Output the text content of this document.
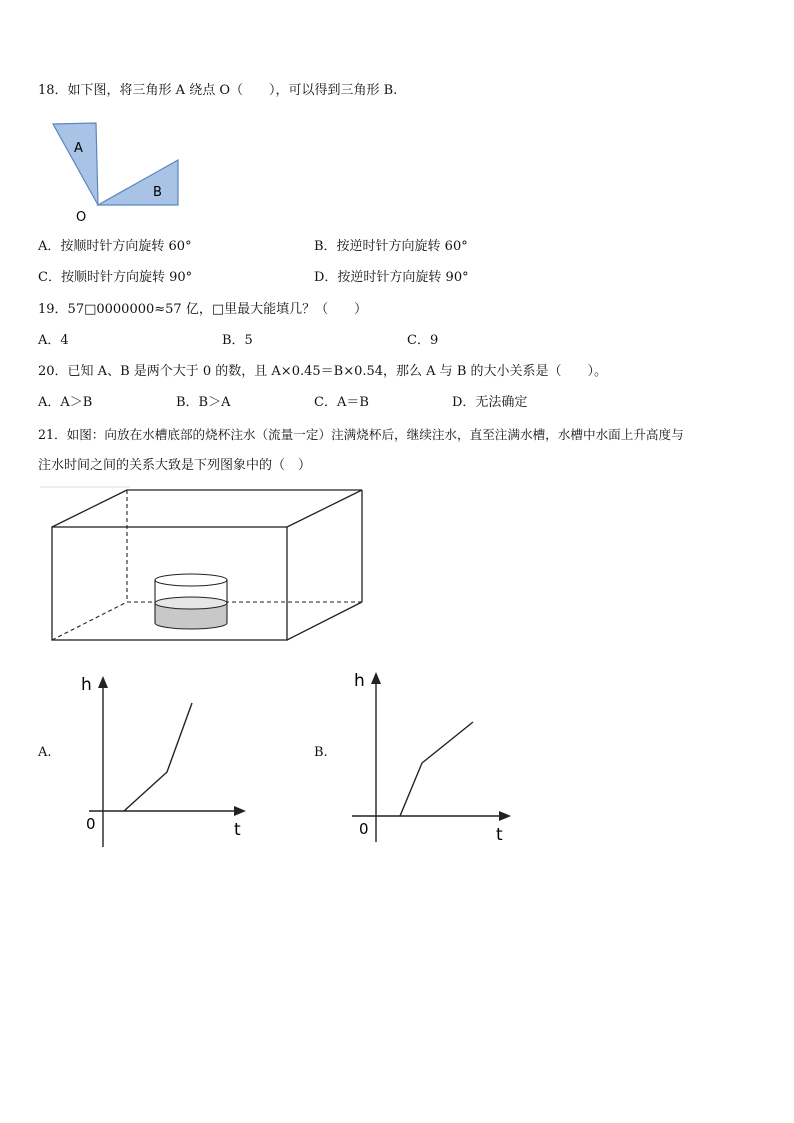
18．如下图，将三角形 A 绕点 O（　　），可以得到三角形 B.
A
B
O
A．按顺时针方向旋转 60°	B．按逆时针方向旋转 60°
C．按顺时针方向旋转 90°	D．按逆时针方向旋转 90°
19．57□0000000≈57 亿，□里最大能填几？（　　）
A．4	B．5	C．9
20．已知 A、B 是两个大于 0 的数，且 A×0.45＝B×0.54，那么 A 与 B 的大小关系是（　　）。
A．A＞B	B．B＞A	C．A＝B	D．无法确定
21．如图：向放在水槽底部的烧杯注水（流量一定）注满烧杯后，继续注水，直至注满水槽，水槽中水面上升高度与
注水时间之间的关系大致是下列图象中的（　）
A.
h
t
0
B.
h
t
0
